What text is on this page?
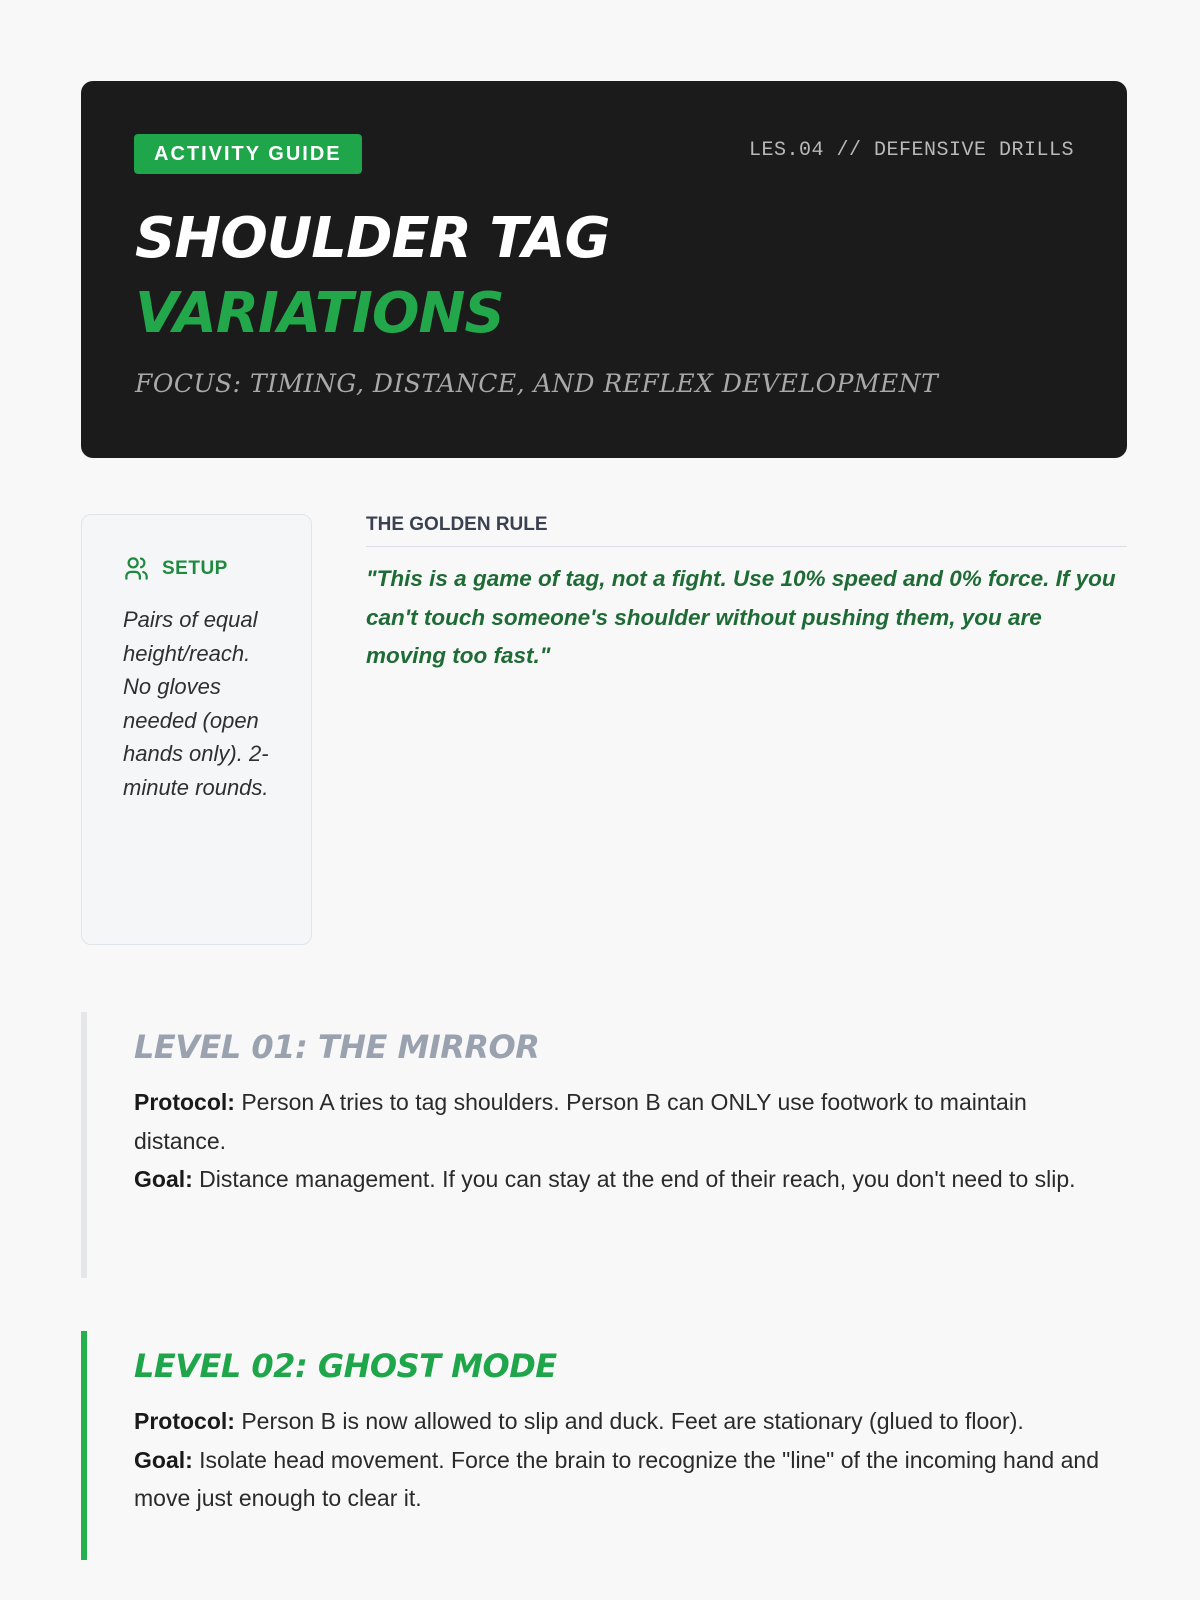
ACTIVITY GUIDE	LES.04 // DEFENSIVE DRILLS
SHOULDER TAG
VARIATIONS

FOCUS: TIMING, DISTANCE, AND REFLEX DEVELOPMENT

SETUP

Pairs of equal height/reach. No gloves needed (open hands only). 2-minute rounds.

THE GOLDEN RULE
"This is a game of tag, not a fight. Use 10% speed and 0% force. If you can't touch someone's shoulder without pushing them, you are moving too fast."
LEVEL 01: THE MIRROR
Protocol: Person A tries to tag shoulders. Person B can ONLY use footwork to maintain distance.
Goal: Distance management. If you can stay at the end of their reach, you don't need to slip.
LEVEL 02: GHOST MODE
Protocol: Person B is now allowed to slip and duck. Feet are stationary (glued to floor).
Goal: Isolate head movement. Force the brain to recognize the "line" of the incoming hand and move just enough to clear it.
